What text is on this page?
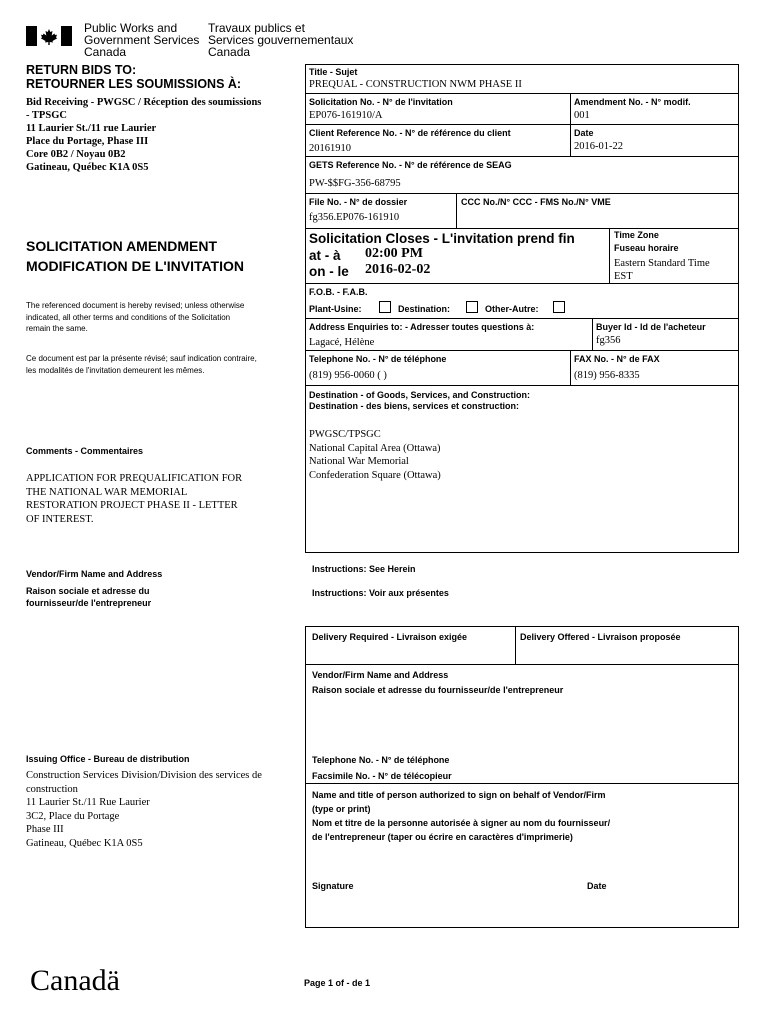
Public Works and
Government Services
Canada
Travaux publics et
Services gouvernementaux
Canada
RETURN BIDS TO:
RETOURNER LES SOUMISSIONS À:
Bid Receiving - PWGSC / Réception des soumissions
- TPSGC
11 Laurier St./11 rue Laurier
Place du Portage, Phase III
Core 0B2 / Noyau 0B2
Gatineau, Québec K1A 0S5
SOLICITATION AMENDMENT
MODIFICATION DE L'INVITATION
The referenced document is hereby revised; unless otherwise
indicated, all other terms and conditions of the Solicitation
remain the same.
Ce document est par la présente révisé; sauf indication contraire,
les modalités de l'invitation demeurent les mêmes.
Comments - Commentaires
APPLICATION FOR PREQUALIFICATION FOR
THE NATIONAL WAR MEMORIAL
RESTORATION PROJECT PHASE II - LETTER
OF INTEREST.
Vendor/Firm Name and Address
Raison sociale et adresse du
fournisseur/de l'entrepreneur
Issuing Office - Bureau de distribution
Construction Services Division/Division des services de
construction
11 Laurier St./11 Rue Laurier
3C2, Place du Portage
Phase III
Gatineau, Québec K1A 0S5
Title - Sujet
PREQUAL - CONSTRUCTION NWM PHASE II
Solicitation No. - N° de l'invitation
EP076-161910/A
Amendment No. - N° modif.
001
Client Reference No. - N° de référence du client
20161910
Date
2016-01-22
GETS Reference No. - N° de référence de SEAG
PW-$$FG-356-68795
File No. - N° de dossier
fg356.EP076-161910
CCC No./N° CCC - FMS No./N° VME
Solicitation Closes - L'invitation prend fin
at - à 02:00 PM
on - le 2016-02-02
Time Zone
Fuseau horaire
Eastern Standard Time
EST
F.O.B. - F.A.B.
Plant-Usine:	Destination:	Other-Autre:
Address Enquiries to: - Adresser toutes questions à:
Lagacé, Hélène
Buyer Id - Id de l'acheteur
fg356
Telephone No. - N° de téléphone
(819) 956-0060 ( )
FAX No. - N° de FAX
(819) 956-8335
Destination - of Goods, Services, and Construction:
Destination - des biens, services et construction:
PWGSC/TPSGC
National Capital Area (Ottawa)
National War Memorial
Confederation Square (Ottawa)
Instructions: See Herein
Instructions: Voir aux présentes
Delivery Required - Livraison exigée	Delivery Offered - Livraison proposée
Vendor/Firm Name and Address
Raison sociale et adresse du fournisseur/de l'entrepreneur
Telephone No. - N° de téléphone
Facsimile No. - N° de télécopieur
Name and title of person authorized to sign on behalf of Vendor/Firm
(type or print)
Nom et titre de la personne autorisée à signer au nom du fournisseur/
de l'entrepreneur (taper ou écrire en caractères d'imprimerie)
Signature	Date
Canadä	Page 1 of - de 1
